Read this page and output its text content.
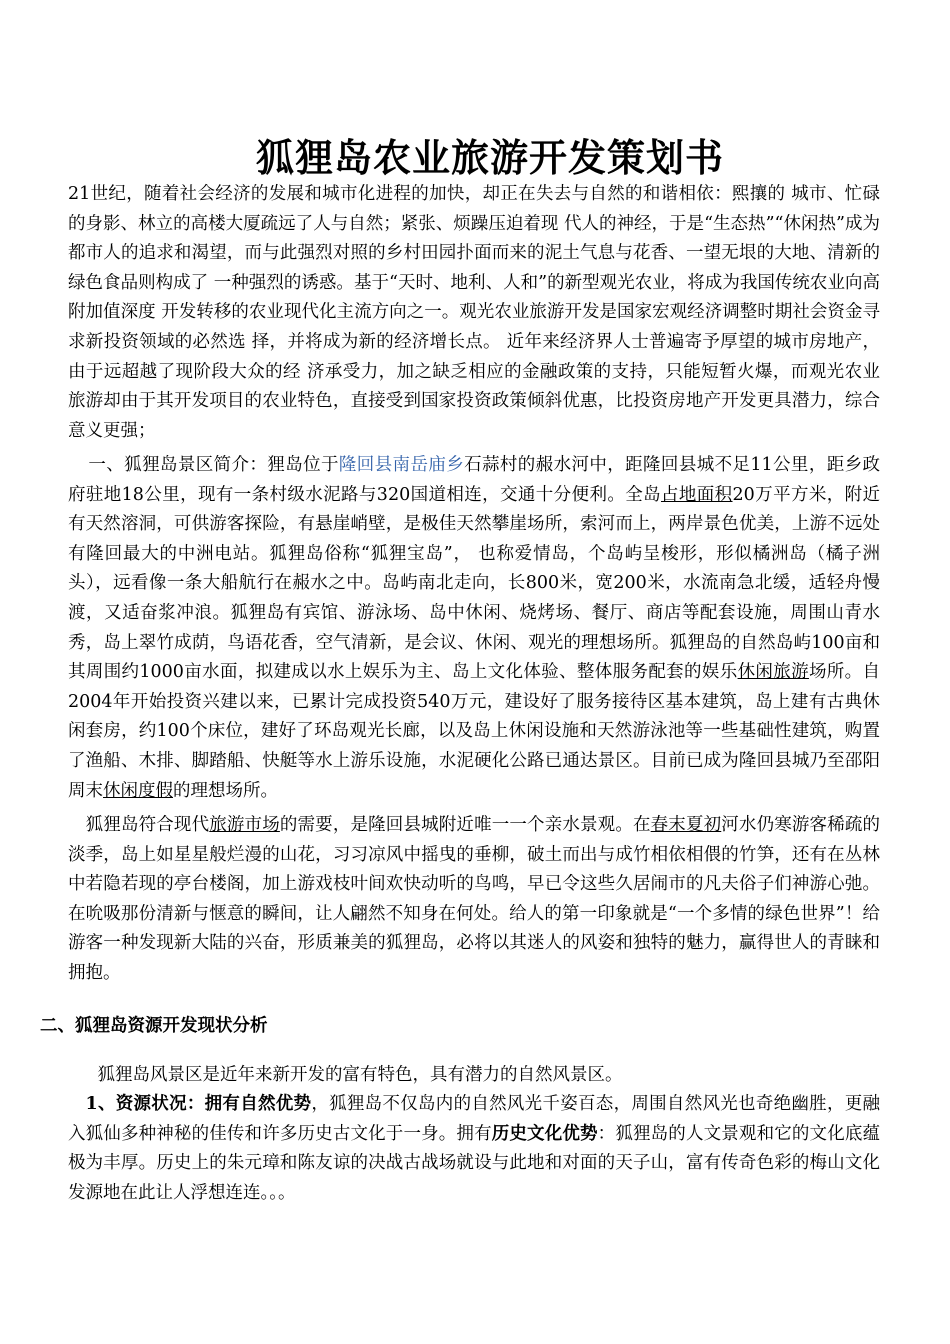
狐狸岛农业旅游开发策划书

21世纪，随着社会经济的发展和城市化进程的加快，却正在失去与自然的和谐相依：熙攘的 城市、忙碌的身影、林立的高楼大厦疏远了人与自然；紧张、烦躁压迫着现 代人的神经，于是“生态热”“休闲热”成为都市人的追求和渴望，而与此强烈对照的乡村田园扑面而来的泥土气息与花香、一望无垠的大地、清新的绿色食品则构成了 一种强烈的诱惑。基于“天时、地利、人和”的新型观光农业，将成为我国传统农业向高附加值深度 开发转移的农业现代化主流方向之一。观光农业旅游开发是国家宏观经济调整时期社会资金寻求新投资领域的必然选 择，并将成为新的经济增长点。 近年来经济界人士普遍寄予厚望的城市房地产，由于远超越了现阶段大众的经 济承受力，加之缺乏相应的金融政策的支持，只能短暂火爆，而观光农业 旅游却由于其开发项目的农业特色，直接受到国家投资政策倾斜优惠，比投资房地产开发更具潜力，综合意义更强；

一、狐狸岛景区简介：狸岛位于隆回县南岳庙乡石蒜村的赧水河中，距隆回县城不足11公里，距乡政府驻地18公里，现有一条村级水泥路与320国道相连，交通十分便利。全岛占地面积20万平方米，附近有天然溶洞，可供游客探险，有悬崖峭壁，是极佳天然攀崖场所，索河而上，两岸景色优美，上游不远处有隆回最大的中洲电站。狐狸岛俗称“狐狸宝岛”， 也称爱情岛，个岛屿呈梭形，形似橘洲岛（橘子洲头），远看像一条大船航行在赧水之中。岛屿南北走向，长800米，宽200米，水流南急北缓，适轻舟慢渡，又适奋浆冲浪。狐狸岛有宾馆、游泳场、岛中休闲、烧烤场、餐厅、商店等配套设施，周围山青水秀，岛上翠竹成荫，鸟语花香，空气清新，是会议、休闲、观光的理想场所。狐狸岛的自然岛屿100亩和其周围约1000亩水面，拟建成以水上娱乐为主、岛上文化体验、整体服务配套的娱乐休闲旅游场所。自2004年开始投资兴建以来，已累计完成投资540万元，建设好了服务接待区基本建筑，岛上建有古典休闲套房，约100个床位，建好了环岛观光长廊，以及岛上休闲设施和天然游泳池等一些基础性建筑，购置了渔船、木排、脚踏船、快艇等水上游乐设施，水泥硬化公路已通达景区。目前已成为隆回县城乃至邵阳周末休闲度假的理想场所。

 狐狸岛符合现代旅游市场的需要，是隆回县城附近唯一一个亲水景观。在春末夏初河水仍寒游客稀疏的淡季，岛上如星星般烂漫的山花，习习凉风中摇曳的垂柳，破土而出与成竹相依相偎的竹笋，还有在丛林中若隐若现的亭台楼阁，加上游戏枝叶间欢快动听的鸟鸣，早已令这些久居闹市的凡夫俗子们神游心弛。在吮吸那份清新与惬意的瞬间，让人翩然不知身在何处。给人的第一印象就是“一个多情的绿色世界”！给游客一种发现新大陆的兴奋，形质兼美的狐狸岛，必将以其迷人的风姿和独特的魅力，赢得世人的青睐和拥抱。

二、狐狸岛资源开发现状分析

 狐狸岛风景区是近年来新开发的富有特色，具有潜力的自然风景区。

 1、资源状况：拥有自然优势，狐狸岛不仅岛内的自然风光千姿百态，周围自然风光也奇绝幽胜，更融入狐仙多种神秘的佳传和许多历史古文化于一身。拥有历史文化优势：狐狸岛的人文景观和它的文化底蕴极为丰厚。历史上的朱元璋和陈友谅的决战古战场就设与此地和对面的天子山，富有传奇色彩的梅山文化发源地在此让人浮想连连。。。
